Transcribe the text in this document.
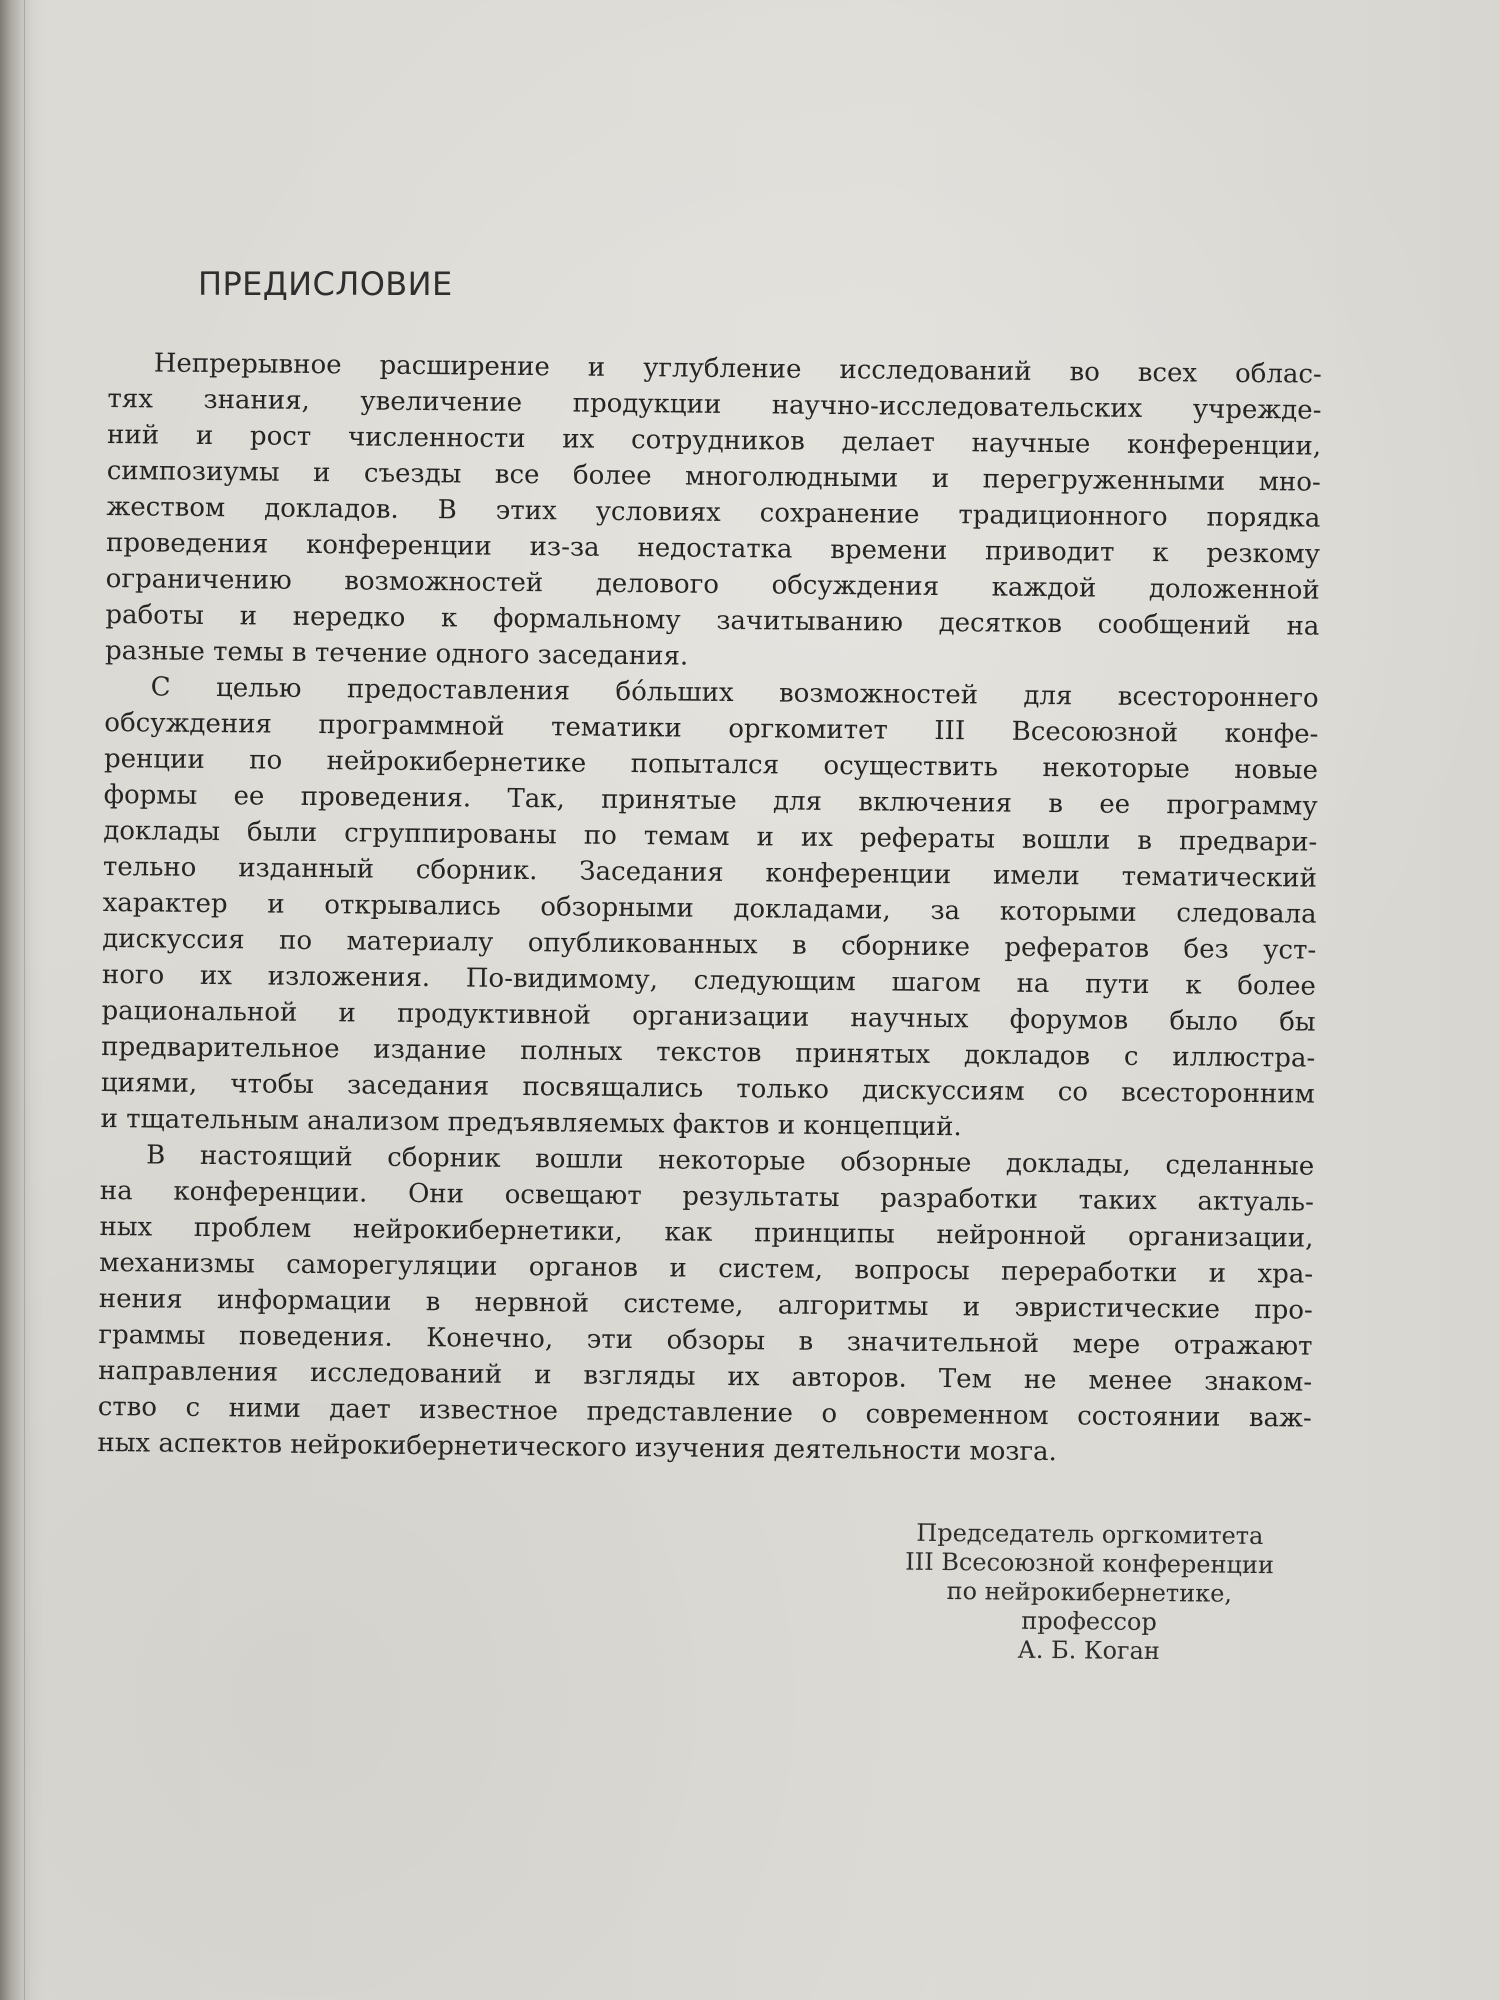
ПРЕДИСЛОВИЕ
Непрерывное расширение и углубление исследований во всех облас-
тях знания, увеличение продукции научно-исследовательских учрежде-
ний и рост численности их сотрудников делает научные конференции,
симпозиумы и съезды все более многолюдными и перегруженными мно-
жеством докладов. В этих условиях сохранение традиционного порядка
проведения конференции из-за недостатка времени приводит к резкому
ограничению возможностей делового обсуждения каждой доложенной
работы и нередко к формальному зачитыванию десятков сообщений на
разные темы в течение одного заседания.
С целью предоставления бо́льших возможностей для всестороннего
обсуждения программной тематики оргкомитет III Всесоюзной конфе-
ренции по нейрокибернетике попытался осуществить некоторые новые
формы ее проведения. Так, принятые для включения в ее программу
доклады были сгруппированы по темам и их рефераты вошли в предвари-
тельно изданный сборник. Заседания конференции имели тематический
характер и открывались обзорными докладами, за которыми следовала
дискуссия по материалу опубликованных в сборнике рефератов без уст-
ного их изложения. По-видимому, следующим шагом на пути к более
рациональной и продуктивной организации научных форумов было бы
предварительное издание полных текстов принятых докладов с иллюстра-
циями, чтобы заседания посвящались только дискуссиям со всесторонним
и тщательным анализом предъявляемых фактов и концепций.
В настоящий сборник вошли некоторые обзорные доклады, сделанные
на конференции. Они освещают результаты разработки таких актуаль-
ных проблем нейрокибернетики, как принципы нейронной организации,
механизмы саморегуляции органов и систем, вопросы переработки и хра-
нения информации в нервной системе, алгоритмы и эвристические про-
граммы поведения. Конечно, эти обзоры в значительной мере отражают
направления исследований и взгляды их авторов. Тем не менее знаком-
ство с ними дает известное представление о современном состоянии важ-
ных аспектов нейрокибернетического изучения деятельности мозга.
Председатель оргкомитета
III Всесоюзной конференции
по нейрокибернетике,
профессор
А. Б. Коган
